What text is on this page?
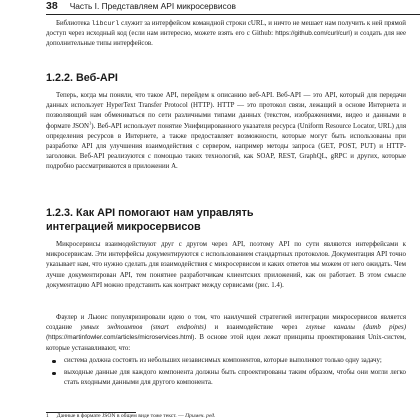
38 Часть I. Представляем API микросервисов

Библиотека libcurl служит за интерфейсом командной строки cURL, и ничто не мешает нам получить к ней прямой доступ через исходный код (если нам интересно, можете взять его с Github: https://github.com/curl/curl) и создать для нее дополнительные типы интерфейсов.

1.2.2. Веб-API

Теперь, когда мы поняли, что такое API, перейдем к описанию веб-API. Веб-API — это API, который для передачи данных использует HyperText Transfer Protocol (HTTP). HTTP — это протокол связи, лежащий в основе Интернета и позволяющий нам обмениваться по сети различными типами данных (текстом, изображениями, видео и данными в формате JSON$^1$). Веб-API использует понятие Унифицированного указателя ресурса (Uniform Resource Locator, URL) для определения ресурсов в Интернете, а также предоставляет возможности, которые могут быть использованы при разработке API для улучшения взаимодействия с сервером, например методы запроса (GET, POST, PUT) и HTTP-заголовки. Веб-API реализуются с помощью таких технологий, как SOAP, REST, GraphQL, gRPC и других, которые подробно рассматриваются в приложении А.

1.2.3. Как API помогают нам управлять
интеграцией микросервисов

Микросервисы взаимодействуют друг с другом через API, поэтому API по сути являются интерфейсами к микросервисам. Эти интерфейсы документируются с использованием стандартных протоколов. Документация API точно указывает нам, что нужно сделать для взаимодействия с микросервисом и каких ответов мы можем от него ожидать. Чем лучше документирован API, тем понятнее разработчикам клиентских приложений, как он работает. В этом смысле документацию API можно представить как контракт между сервисами (рис. 1.4).

Фаулер и Льюис популяризировали идею о том, что наилучшей стратегией интеграции микросервисов является создание умных эндпоинтов (smart endpoints) и взаимодействие через глупые каналы (dumb pipes) (https://martinfowler.com/articles/microservices.html). В основе этой идеи лежат принципы проектирования Unix-систем, которые устанавливают, что:

система должна состоять из небольших независимых компонентов, которые выполняют только одну задачу;
выходные данные для каждого компонента должны быть спроектированы таким образом, чтобы они могли легко стать входными данными для другого компонента.
1 Данные в формате JSON в общем виде тоже текст. — Примеч. ред.
